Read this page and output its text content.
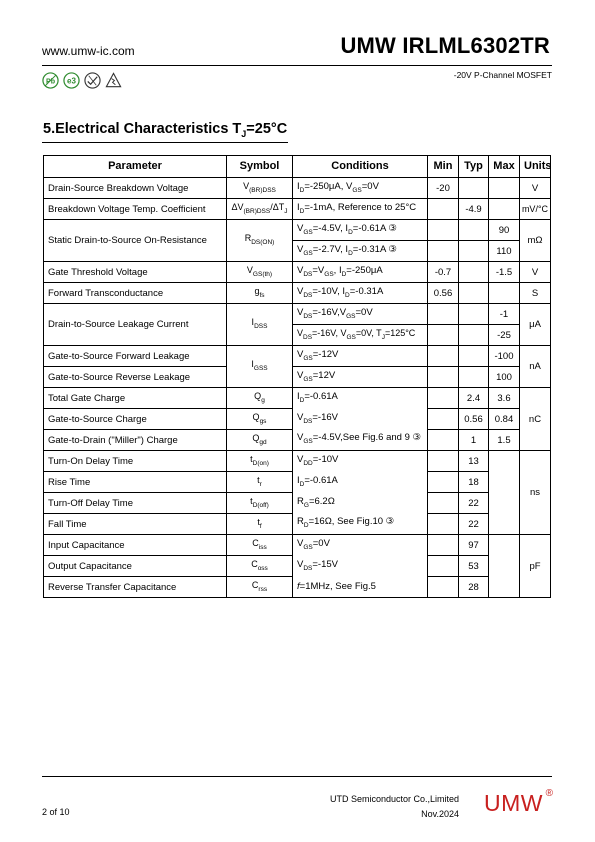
www.umw-ic.com	UMW IRLML6302TR
-20V P-Channel MOSFET
Pb e3
5.Electrical Characteristics $T_J=25^\circ C$
Parameter	Symbol	Conditions	Min	Typ	Max	Units
Drain-Source Breakdown Voltage	$V_{(BR)DSS}$	$I_D=-250\mu A$, $V_{GS}=0V$	-20			V
Breakdown Voltage Temp. Coefficient	$\Delta V_{(BR)DSS}/\Delta T_J$	$I_D=-1mA$, Reference to 25°C		-4.9		mV/°C
Static Drain-to-Source On-Resistance	$R_{DS(ON)}$	$V_{GS}=-4.5V$, $I_D=-0.61A$ ③			90	mΩ
		$V_{GS}=-2.7V$, $I_D=-0.31A$ ③			110	
Gate Threshold Voltage	$V_{GS(th)}$	$V_{DS}=V_{GS}$, $I_D=-250\mu A$	-0.7		-1.5	V
Forward Transconductance	$g_{fs}$	$V_{DS}=-10V$, $I_D=-0.31A$	0.56			S
Drain-to-Source Leakage Current	$I_{DSS}$	$V_{DS}=-16V,V_{GS}=0V$			-1	μA
		$V_{DS}=-16V$, $V_{GS}=0V$, $T_J=125^\circ C$			-25	
Gate-to-Source Forward Leakage	$I_{GSS}$	$V_{GS}=-12V$			-100	nA
Gate-to-Source Reverse Leakage		$V_{GS}=12V$			100	
Total Gate Charge	$Q_g$	$I_D=-0.61A$		2.4	3.6	nC
Gate-to-Source Charge	$Q_{gs}$	$V_{DS}=-16V$		0.56	0.84	
Gate-to-Drain ("Miller") Charge	$Q_{gd}$	$V_{GS}=-4.5V,See$ Fig.6 and 9 ③		1	1.5	
Turn-On Delay Time	$t_{D(on)}$	$V_{DD}=-10V$		13		ns
Rise Time	$t_r$	$I_D=-0.61A$		18		
Turn-Off Delay Time	$t_{D(off)}$	$R_G=6.2\Omega$		22		
Fall Time	$t_f$	$R_D=16\Omega$, See Fig.10 ③		22		
Input Capacitance	$C_{iss}$	$V_{GS}=0V$		97		pF
Output Capacitance	$C_{oss}$	$V_{DS}=-15V$		53		
Reverse Transfer Capacitance	$C_{rss}$	f=1MHz, See Fig.5		28		
2 of 10
UTD Semiconductor Co.,Limited
Nov.2024 UMW ®
